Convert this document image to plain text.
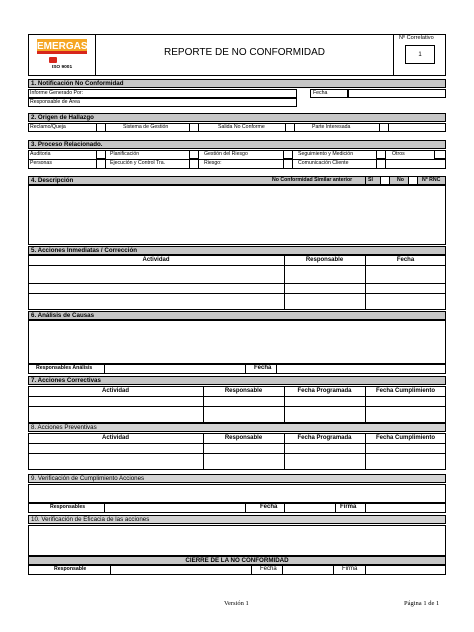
EMERGAS
ISO 9001
REPORTE DE NO CONFORMIDAD
Nº Correlativo
1
1. Notificación No Conformidad
Informe Generado Por:	Fecha
Responsable de Área
2. Origen de Hallazgo
Reclamo/Queja	Sistema de Gestión	Salida No Conforme	Parte Interesada
3. Proceso Relacionado.
Auditoria	Planificación	Gestión del Riesgo	Seguimiento y Medición	Otros
Personas	Ejecución y Control Tra.	Riesgo:	Comunicación Cliente
4. Descripción	No Conformidad Similar anterior	SI	No	Nº RNC
5. Acciones Inmediatas / Corrección
Actividad	Responsable	Fecha
6. Análisis de Causas
Responsables Análisis	Fecha
7. Acciones Correctivas
Actividad	Responsable	Fecha Programada	Fecha Cumplimiento
8. Acciones Preventivas
Actividad	Responsable	Fecha Programada	Fecha Cumplimiento
9. Verificación de Cumplimiento Acciones
Responsables	Fecha	Firma
10. Verificación de Eficacia de las acciones
CIERRE DE LA NO CONFORMIDAD
Responsable	Fecha	Firma
Versión 1	Página 1 de 1
